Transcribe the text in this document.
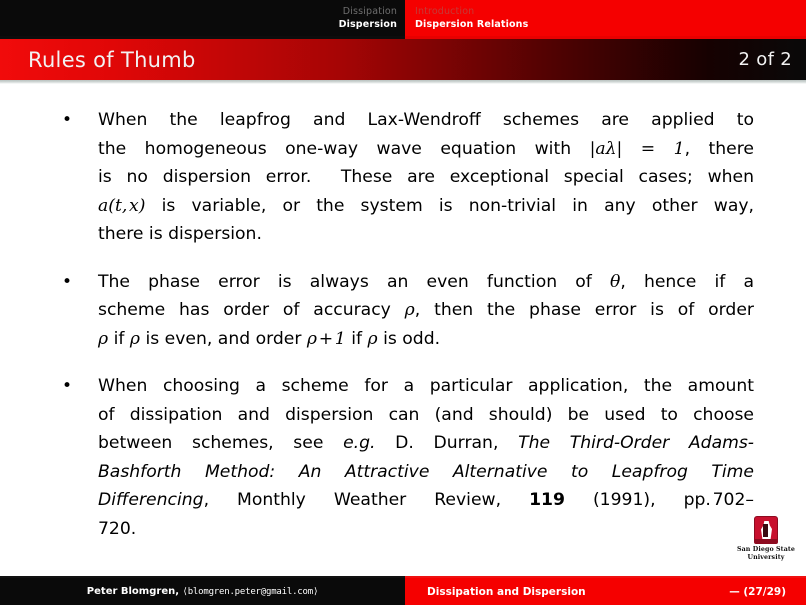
Dissipation
Dispersion
Introduction
Dispersion Relations
Rules of Thumb	2 of 2
•	When the leapfrog and Lax-Wendroff schemes are applied to
the homogeneous one-way wave equation with |aλ| = 1, there
is no dispersion error.  These are exceptional special cases; when
a(t, x) is variable, or the system is non-trivial in any other way,
there is dispersion.
•	The phase error is always an even function of θ, hence if a
scheme has order of accuracy ρ, then the phase error is of order
ρ if ρ is even, and order ρ + 1 if ρ is odd.
•	When choosing a scheme for a particular application, the amount
of dissipation and dispersion can (and should) be used to choose
between schemes, see e.g. D. Durran, The Third-Order Adams-
Bashforth Method: An Attractive Alternative to Leapfrog Time
Differencing, Monthly Weather Review, 119 (1991), pp. 702–
720.
San Diego State
University
Peter Blomgren,
⟨blomgren.peter@gmail.com⟩	Dissipation and Dispersion	— (27/29)
